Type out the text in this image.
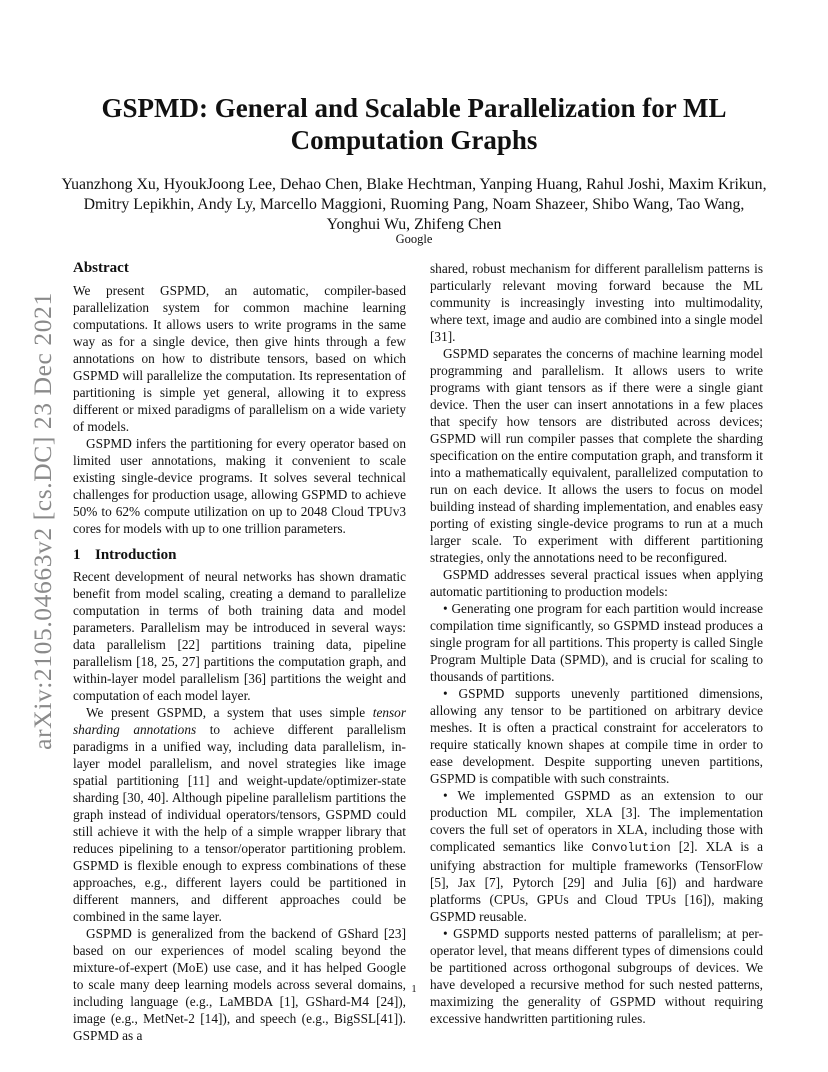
arXiv:2105.04663v2 [cs.DC] 23 Dec 2021
GSPMD: General and Scalable Parallelization for ML Computation Graphs
Yuanzhong Xu, HyoukJoong Lee, Dehao Chen, Blake Hechtman, Yanping Huang, Rahul Joshi, Maxim Krikun, Dmitry Lepikhin, Andy Ly, Marcello Maggioni, Ruoming Pang, Noam Shazeer, Shibo Wang, Tao Wang, Yonghui Wu, Zhifeng Chen
Google
Abstract

We present GSPMD, an automatic, compiler-based parallelization system for common machine learning computations. It allows users to write programs in the same way as for a single device, then give hints through a few annotations on how to distribute tensors, based on which GSPMD will parallelize the computation. Its representation of partitioning is simple yet general, allowing it to express different or mixed paradigms of parallelism on a wide variety of models.

GSPMD infers the partitioning for every operator based on limited user annotations, making it convenient to scale existing single-device programs. It solves several technical challenges for production usage, allowing GSPMD to achieve 50% to 62% compute utilization on up to 2048 Cloud TPUv3 cores for models with up to one trillion parameters.

1 Introduction

Recent development of neural networks has shown dramatic benefit from model scaling, creating a demand to parallelize computation in terms of both training data and model parameters. Parallelism may be introduced in several ways: data parallelism [22] partitions training data, pipeline parallelism [18, 25, 27] partitions the computation graph, and within-layer model parallelism [36] partitions the weight and computation of each model layer.

We present GSPMD, a system that uses simple tensor sharding annotations to achieve different parallelism paradigms in a unified way, including data parallelism, in-layer model parallelism, and novel strategies like image spatial partitioning [11] and weight-update/optimizer-state sharding [30, 40]. Although pipeline parallelism partitions the graph instead of individual operators/tensors, GSPMD could still achieve it with the help of a simple wrapper library that reduces pipelining to a tensor/operator partitioning problem. GSPMD is flexible enough to express combinations of these approaches, e.g., different layers could be partitioned in different manners, and different approaches could be combined in the same layer.

GSPMD is generalized from the backend of GShard [23] based on our experiences of model scaling beyond the mixture-of-expert (MoE) use case, and it has helped Google to scale many deep learning models across several domains, including language (e.g., LaMBDA [1], GShard-M4 [24]), image (e.g., MetNet-2 [14]), and speech (e.g., BigSSL[41]). GSPMD as a

shared, robust mechanism for different parallelism patterns is particularly relevant moving forward because the ML community is increasingly investing into multimodality, where text, image and audio are combined into a single model [31].

GSPMD separates the concerns of machine learning model programming and parallelism. It allows users to write programs with giant tensors as if there were a single giant device. Then the user can insert annotations in a few places that specify how tensors are distributed across devices; GSPMD will run compiler passes that complete the sharding specification on the entire computation graph, and transform it into a mathematically equivalent, parallelized computation to run on each device. It allows the users to focus on model building instead of sharding implementation, and enables easy porting of existing single-device programs to run at a much larger scale. To experiment with different partitioning strategies, only the annotations need to be reconfigured.

GSPMD addresses several practical issues when applying automatic partitioning to production models:

• Generating one program for each partition would increase compilation time significantly, so GSPMD instead produces a single program for all partitions. This property is called Single Program Multiple Data (SPMD), and is crucial for scaling to thousands of partitions.

• GSPMD supports unevenly partitioned dimensions, allowing any tensor to be partitioned on arbitrary device meshes. It is often a practical constraint for accelerators to require statically known shapes at compile time in order to ease development. Despite supporting uneven partitions, GSPMD is compatible with such constraints.

• We implemented GSPMD as an extension to our production ML compiler, XLA [3]. The implementation covers the full set of operators in XLA, including those with complicated semantics like Convolution [2]. XLA is a unifying abstraction for multiple frameworks (TensorFlow [5], Jax [7], Pytorch [29] and Julia [6]) and hardware platforms (CPUs, GPUs and Cloud TPUs [16]), making GSPMD reusable.

• GSPMD supports nested patterns of parallelism; at per-operator level, that means different types of dimensions could be partitioned across orthogonal subgroups of devices. We have developed a recursive method for such nested patterns, maximizing the generality of GSPMD without requiring excessive handwritten partitioning rules.

1
